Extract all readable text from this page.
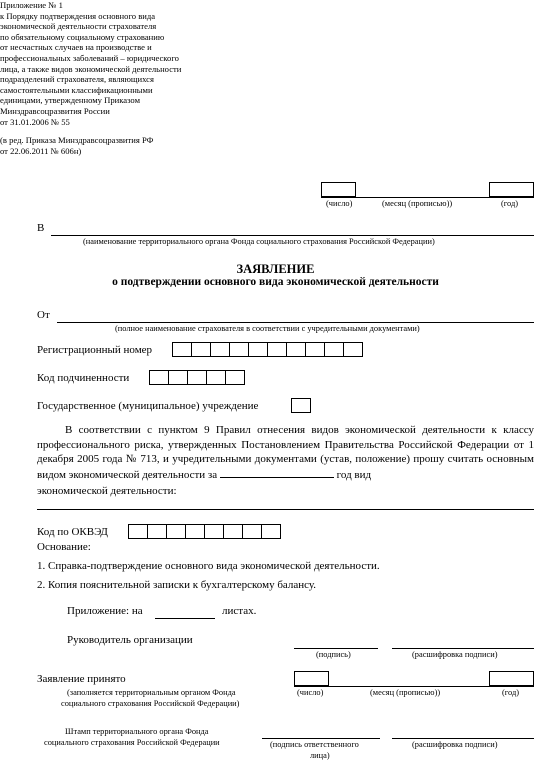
Приложение № 1
к Порядку подтверждения основного вида
экономической деятельности страхователя
по обязательному социальному страхованию
от несчастных случаев на производстве и
профессиональных заболеваний – юридического
лица, а также видов экономической деятельности
подразделений страхователя, являющихся
самостоятельными классификационными
единицами, утвержденному Приказом
Минздравсоцразвития России
от 31.01.2006 № 55
(в ред. Приказа Минздравсоцразвития РФ
от 22.06.2011 № 606н)
(число)	(месяц (прописью))	(год)
В
(наименование территориального органа Фонда социального страхования Российской Федерации)
ЗАЯВЛЕНИЕ
о подтверждении основного вида экономической деятельности
От
(полное наименование страхователя в соответствии с учредительными документами)
Регистрационный номер
Код подчиненности
Государственное (муниципальное) учреждение

В соответствии с пунктом 9 Правил отнесения видов экономической деятельности к классу профессионального риска, утвержденных Постановлением Правительства Российской Федерации от 1 декабря 2005 года № 713, и учредительными документами (устав, положение) прошу считать основным видом экономической деятельности за	год вид

экономической деятельности:
Код по ОКВЭД
Основание:
1. Справка-подтверждение основного вида экономической деятельности.
2. Копия пояснительной записки к бухгалтерскому балансу.
Приложение: на	листах.
Руководитель организации
(подпись)	(расшифровка подписи)
Заявление принято
(заполняется территориальным органом Фонда
социального страхования Российской Федерации)
(число)	(месяц (прописью))	(год)
Штамп территориального органа Фонда
социального страхования Российской Федерации	(подпись ответственного
лица)
(расшифровка подписи)
